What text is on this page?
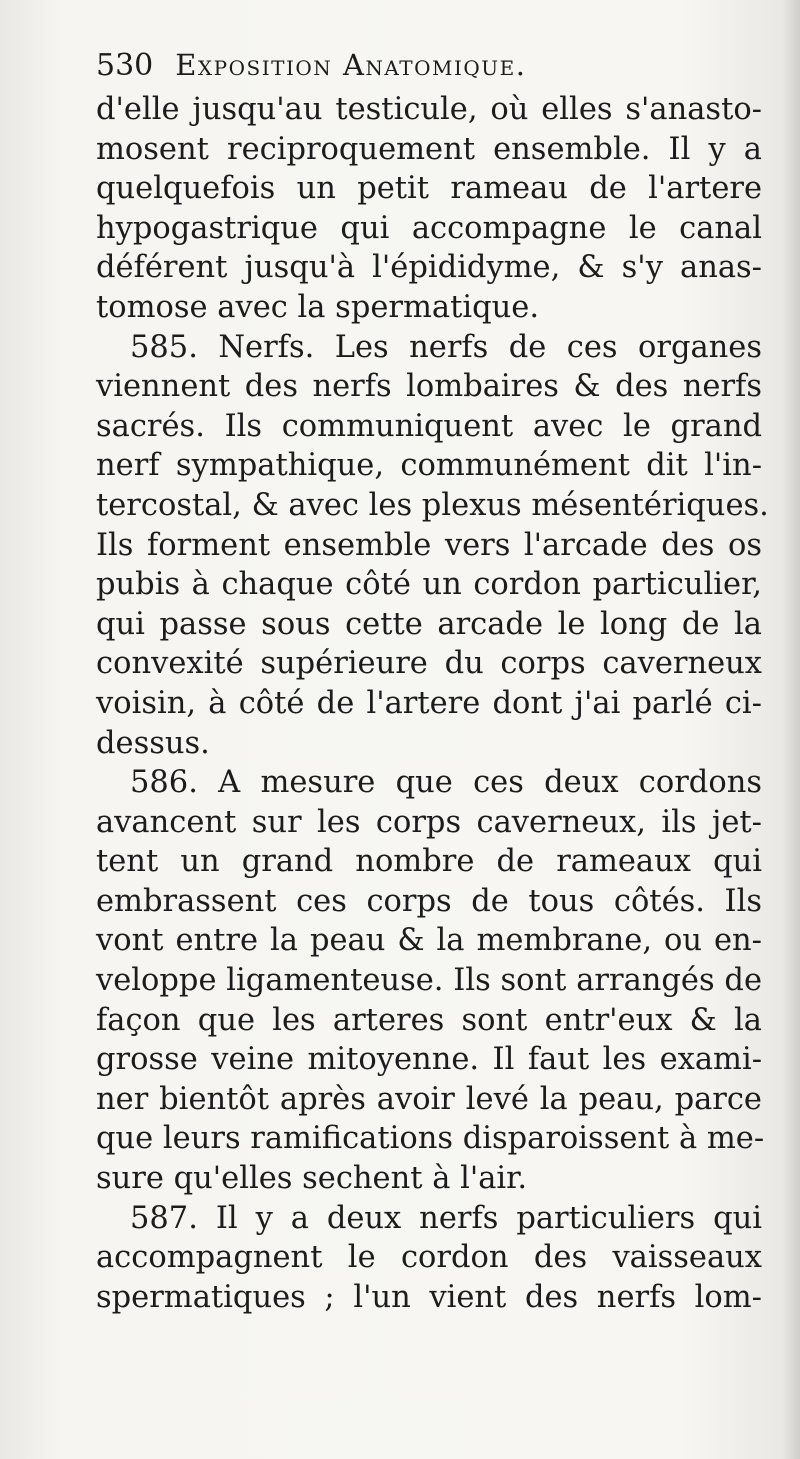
530 Exposition Anatomique.
d'elle jusqu'au testicule, où elles s'anasto-
mosent reciproquement ensemble. Il y a
quelquefois un petit rameau de l'artere
hypogastrique qui accompagne le canal
déférent jusqu'à l'épididyme, & s'y anas-
tomose avec la spermatique.
585. Nerfs. Les nerfs de ces organes
viennent des nerfs lombaires & des nerfs
sacrés. Ils communiquent avec le grand
nerf sympathique, communément dit l'in-
tercostal, & avec les plexus mésentériques.
Ils forment ensemble vers l'arcade des os
pubis à chaque côté un cordon particulier,
qui passe sous cette arcade le long de la
convexité supérieure du corps caverneux
voisin, à côté de l'artere dont j'ai parlé ci-
dessus.
586. A mesure que ces deux cordons
avancent sur les corps caverneux, ils jet-
tent un grand nombre de rameaux qui
embrassent ces corps de tous côtés. Ils
vont entre la peau & la membrane, ou en-
veloppe ligamenteuse. Ils sont arrangés de
façon que les arteres sont entr'eux & la
grosse veine mitoyenne. Il faut les exami-
ner bientôt après avoir levé la peau, parce
que leurs ramifications disparoissent à me-
sure qu'elles sechent à l'air.
587. Il y a deux nerfs particuliers qui
accompagnent le cordon des vaisseaux
spermatiques ; l'un vient des nerfs lom-
